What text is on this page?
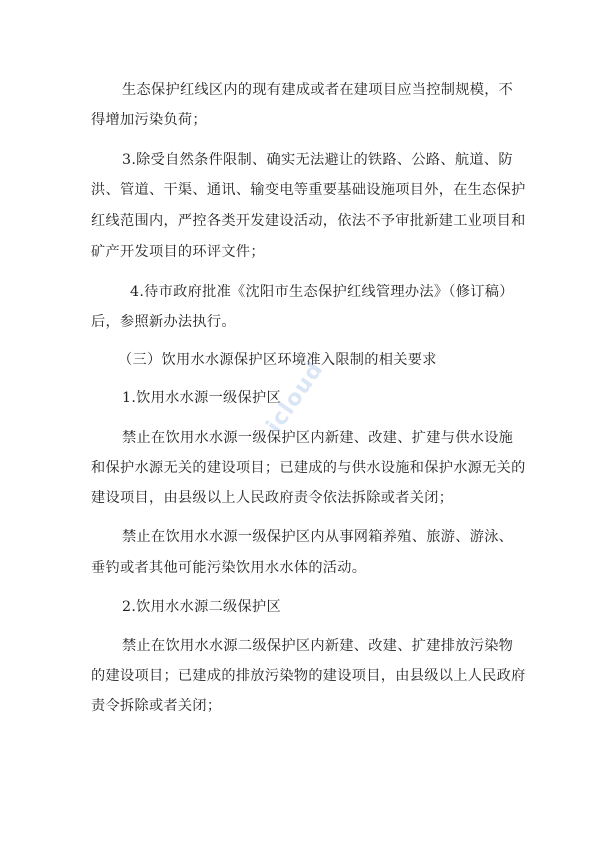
生态保护红线区内的现有建成或者在建项目应当控制规模，不
得增加污染负荷；
3.除受自然条件限制、确实无法避让的铁路、公路、航道、防
洪、管道、干渠、通讯、输变电等重要基础设施项目外，在生态保护
红线范围内，严控各类开发建设活动，依法不予审批新建工业项目和
矿产开发项目的环评文件；
4.待市政府批准《沈阳市生态保护红线管理办法》（修订稿）
后，参照新办法执行。
（三）饮用水水源保护区环境准入限制的相关要求
1.饮用水水源一级保护区
禁止在饮用水水源一级保护区内新建、改建、扩建与供水设施
和保护水源无关的建设项目；已建成的与供水设施和保护水源无关的
建设项目，由县级以上人民政府责令依法拆除或者关闭；
禁止在饮用水水源一级保护区内从事网箱养殖、旅游、游泳、
垂钓或者其他可能污染饮用水水体的活动。
2.饮用水水源二级保护区
禁止在饮用水水源二级保护区内新建、改建、扩建排放污染物
的建设项目；已建成的排放污染物的建设项目，由县级以上人民政府
责令拆除或者关闭；
icloud
